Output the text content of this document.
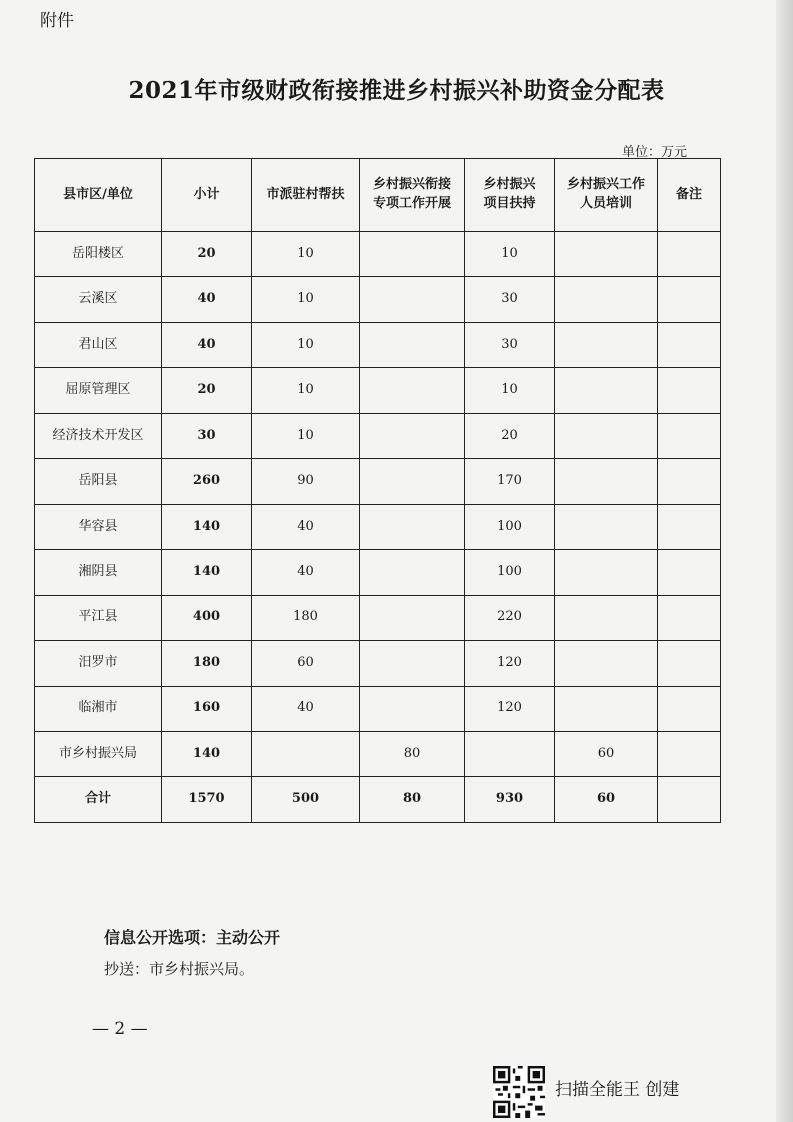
附件
2021年市级财政衔接推进乡村振兴补助资金分配表
单位：万元
县市区/单位	小计	市派驻村帮扶	乡村振兴衔接专项工作开展	乡村振兴项目扶持	乡村振兴工作人员培训	备注
岳阳楼区	20	10		10		
云溪区	40	10		30		
君山区	40	10		30		
屈原管理区	20	10		10		
经济技术开发区	30	10		20		
岳阳县	260	90		170		
华容县	140	40		100		
湘阴县	140	40		100		
平江县	400	180		220		
汨罗市	180	60		120		
临湘市	160	40		120		
市乡村振兴局	140		80		60	
合计	1570	500	80	930	60	
信息公开选项：主动公开
抄送：市乡村振兴局。
— 2 —
扫描全能王 创建
